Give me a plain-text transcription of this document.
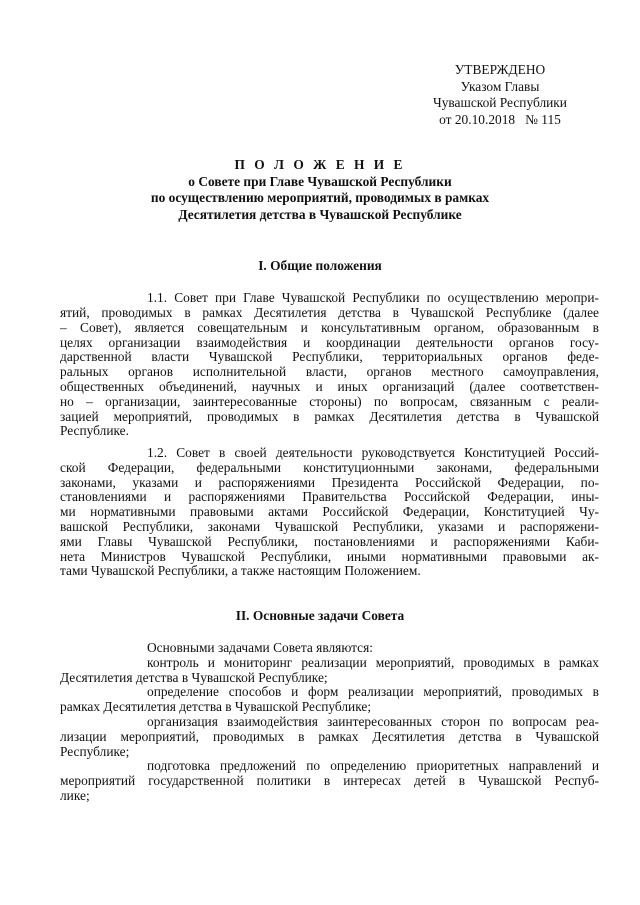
УТВЕРЖДЕНО
Указом Главы
Чувашской Республики
от 20.10.2018   № 115
П О Л О Ж Е Н И Е
о Совете при Главе Чувашской Республики
по осуществлению мероприятий, проводимых в рамках
Десятилетия детства в Чувашской Республике
I. Общие положения
1.1. Совет при Главе Чувашской Республики по осуществлению меропри-
ятий, проводимых в рамках Десятилетия детства в Чувашской Республике (далее
– Совет), является совещательным и консультативным органом, образованным в
целях организации взаимодействия и координации деятельности органов госу-
дарственной власти Чувашской Республики, территориальных органов феде-
ральных органов исполнительной власти, органов местного самоуправления,
общественных объединений, научных и иных организаций (далее соответствен-
но – организации, заинтересованные стороны) по вопросам, связанным с реали-
зацией мероприятий, проводимых в рамках Десятилетия детства в Чувашской
Республике.
1.2. Совет в своей деятельности руководствуется Конституцией Россий-
ской Федерации, федеральными конституционными законами, федеральными
законами, указами и распоряжениями Президента Российской Федерации, по-
становлениями и распоряжениями Правительства Российской Федерации, ины-
ми нормативными правовыми актами Российской Федерации, Конституцией Чу-
вашской Республики, законами Чувашской Республики, указами и распоряжени-
ями Главы Чувашской Республики, постановлениями и распоряжениями Каби-
нета Министров Чувашской Республики, иными нормативными правовыми ак-
тами Чувашской Республики, а также настоящим Положением.
II. Основные задачи Совета
Основными задачами Совета являются:
контроль и мониторинг реализации мероприятий, проводимых в рамках
Десятилетия детства в Чувашской Республике;
определение способов и форм реализации мероприятий, проводимых в
рамках Десятилетия детства в Чувашской Республике;
организация взаимодействия заинтересованных сторон по вопросам реа-
лизации мероприятий, проводимых в рамках Десятилетия детства в Чувашской
Республике;
подготовка предложений по определению приоритетных направлений и
мероприятий государственной политики в интересах детей в Чувашской Респуб-
лике;
